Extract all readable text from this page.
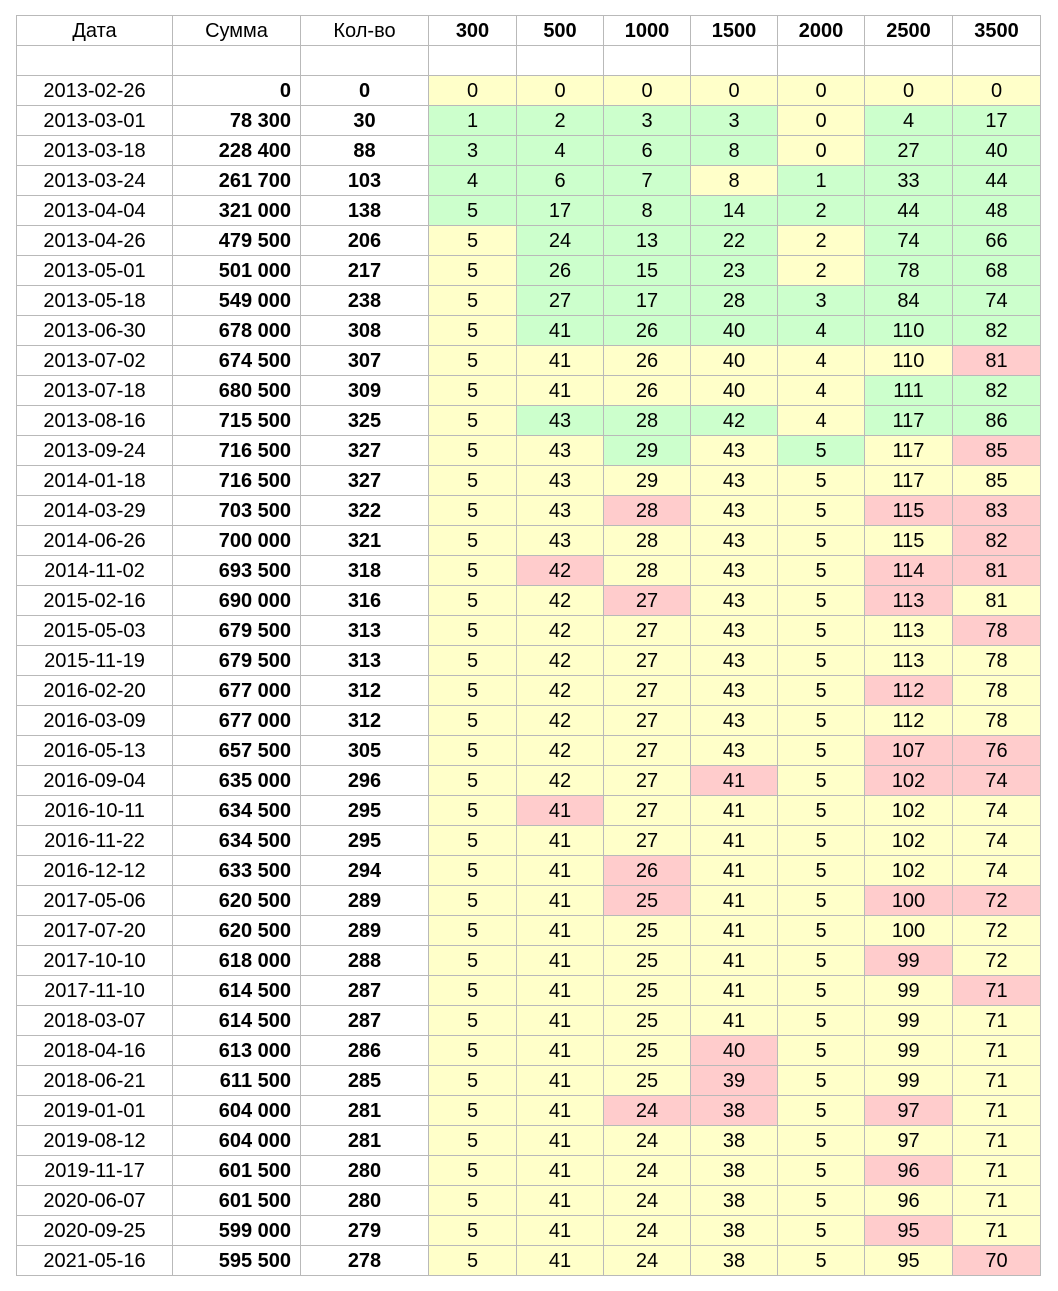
Дата	Сумма	Кол-во	300	500	1000	1500	2000	2500	3500

2013-02-26	0	0	0	0	0	0	0	0	0
2013-03-01	78 300	30	1	2	3	3	0	4	17
2013-03-18	228 400	88	3	4	6	8	0	27	40
2013-03-24	261 700	103	4	6	7	8	1	33	44
2013-04-04	321 000	138	5	17	8	14	2	44	48
2013-04-26	479 500	206	5	24	13	22	2	74	66
2013-05-01	501 000	217	5	26	15	23	2	78	68
2013-05-18	549 000	238	5	27	17	28	3	84	74
2013-06-30	678 000	308	5	41	26	40	4	110	82
2013-07-02	674 500	307	5	41	26	40	4	110	81
2013-07-18	680 500	309	5	41	26	40	4	111	82
2013-08-16	715 500	325	5	43	28	42	4	117	86
2013-09-24	716 500	327	5	43	29	43	5	117	85
2014-01-18	716 500	327	5	43	29	43	5	117	85
2014-03-29	703 500	322	5	43	28	43	5	115	83
2014-06-26	700 000	321	5	43	28	43	5	115	82
2014-11-02	693 500	318	5	42	28	43	5	114	81
2015-02-16	690 000	316	5	42	27	43	5	113	81
2015-05-03	679 500	313	5	42	27	43	5	113	78
2015-11-19	679 500	313	5	42	27	43	5	113	78
2016-02-20	677 000	312	5	42	27	43	5	112	78
2016-03-09	677 000	312	5	42	27	43	5	112	78
2016-05-13	657 500	305	5	42	27	43	5	107	76
2016-09-04	635 000	296	5	42	27	41	5	102	74
2016-10-11	634 500	295	5	41	27	41	5	102	74
2016-11-22	634 500	295	5	41	27	41	5	102	74
2016-12-12	633 500	294	5	41	26	41	5	102	74
2017-05-06	620 500	289	5	41	25	41	5	100	72
2017-07-20	620 500	289	5	41	25	41	5	100	72
2017-10-10	618 000	288	5	41	25	41	5	99	72
2017-11-10	614 500	287	5	41	25	41	5	99	71
2018-03-07	614 500	287	5	41	25	41	5	99	71
2018-04-16	613 000	286	5	41	25	40	5	99	71
2018-06-21	611 500	285	5	41	25	39	5	99	71
2019-01-01	604 000	281	5	41	24	38	5	97	71
2019-08-12	604 000	281	5	41	24	38	5	97	71
2019-11-17	601 500	280	5	41	24	38	5	96	71
2020-06-07	601 500	280	5	41	24	38	5	96	71
2020-09-25	599 000	279	5	41	24	38	5	95	71
2021-05-16	595 500	278	5	41	24	38	5	95	70
